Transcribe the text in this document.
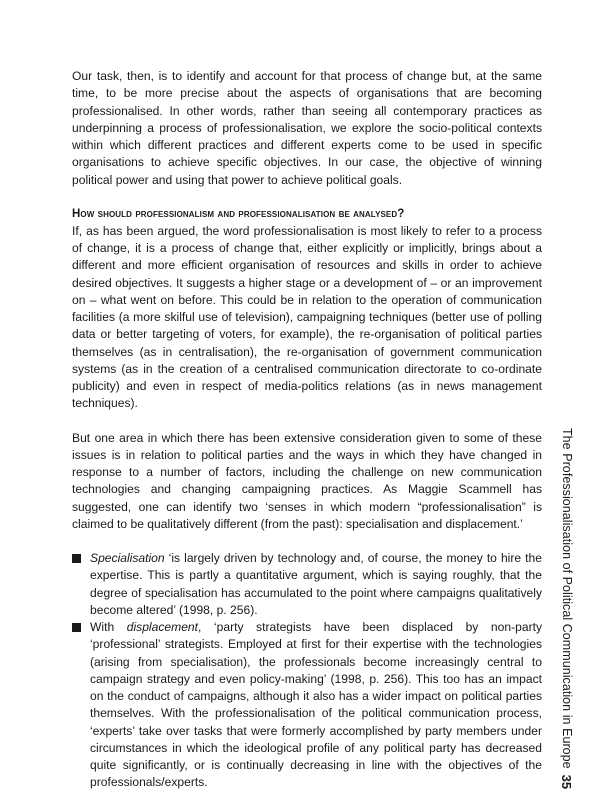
Our task, then, is to identify and account for that process of change but, at the same time, to be more precise about the aspects of organisations that are becoming professionalised. In other words, rather than seeing all contemporary practices as underpinning a process of professionalisation, we explore the socio-political contexts within which different practices and different experts come to be used in specific organisations to achieve specific objectives. In our case, the objective of winning political power and using that power to achieve political goals.

How should professionalism and professionalisation be analysed?

If, as has been argued, the word professionalisation is most likely to refer to a process of change, it is a process of change that, either explicitly or implicitly, brings about a different and more efficient organisation of resources and skills in order to achieve desired objectives. It suggests a higher stage or a development of – or an improvement on – what went on before. This could be in relation to the operation of communication facilities (a more skilful use of television), campaigning techniques (better use of polling data or better targeting of voters, for example), the re-organisation of political parties themselves (as in centralisation), the re-organisation of government communication systems (as in the creation of a centralised communication directorate to co-ordinate publicity) and even in respect of media-politics relations (as in news management techniques).

But one area in which there has been extensive consideration given to some of these issues is in relation to political parties and the ways in which they have changed in response to a number of factors, including the challenge on new communication technologies and changing campaigning practices. As Maggie Scammell has suggested, one can identify two ‘senses in which modern “professionalisation” is claimed to be qualitatively different (from the past): specialisation and displacement.’

Specialisation ‘is largely driven by technology and, of course, the money to hire the expertise. This is partly a quantitative argument, which is saying roughly, that the degree of specialisation has accumulated to the point where campaigns qualitatively become altered’ (1998, p. 256).

With displacement, ‘party strategists have been displaced by non-party ‘professional’ strategists. Employed at first for their expertise with the technologies (arising from specialisation), the professionals become increasingly central to campaign strategy and even policy-making’ (1998, p. 256). This too has an impact on the conduct of campaigns, although it also has a wider impact on political parties themselves. With the professionalisation of the political communication process, ‘experts’ take over tasks that were formerly accomplished by party members under circumstances in which the ideological profile of any political party has decreased quite significantly, or is continually decreasing in line with the objectives of the professionals/experts.

The Professionalisation of Political Communication in Europe
35
